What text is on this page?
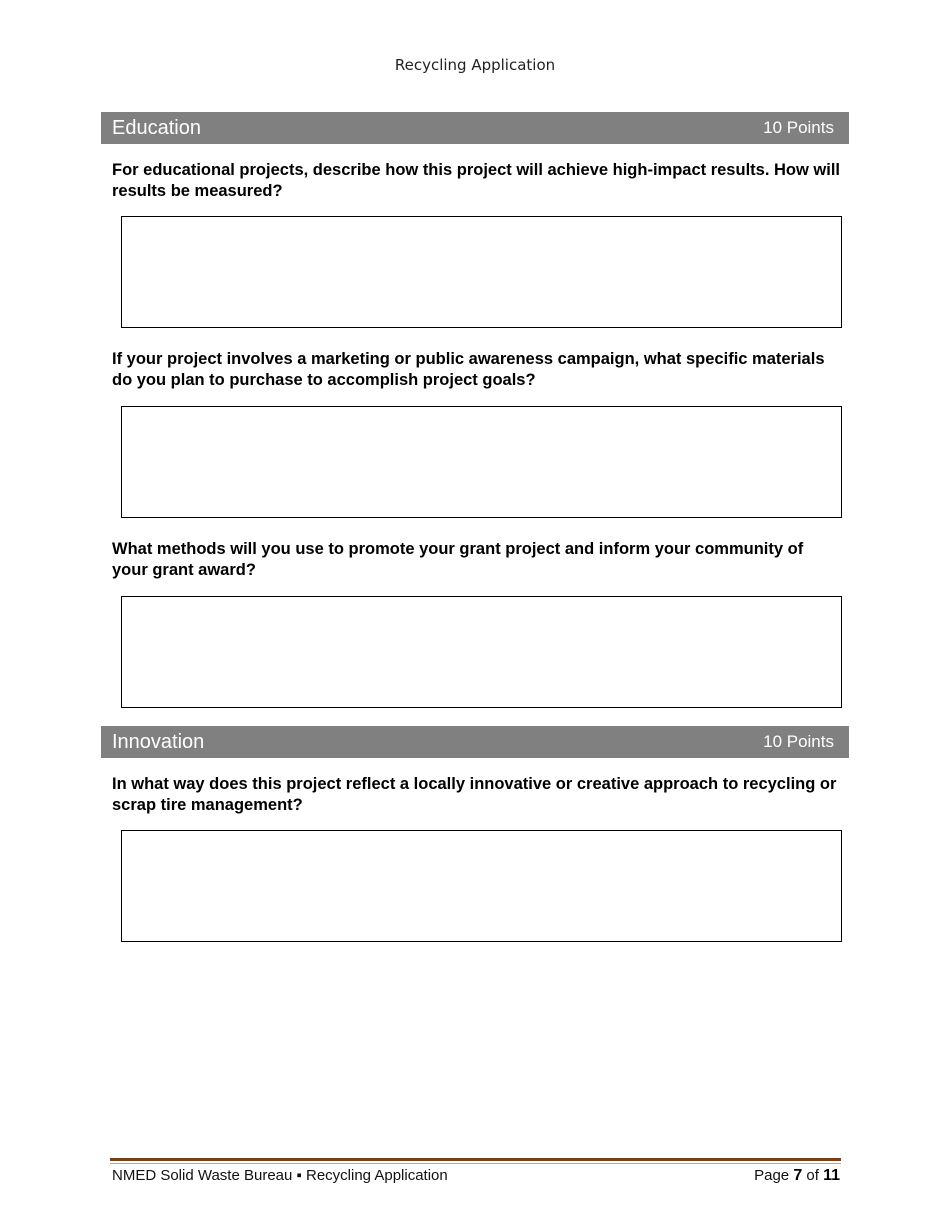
Recycling Application
Education	10 Points
For educational projects, describe how this project will achieve high-impact results. How will results be measured?
If your project involves a marketing or public awareness campaign, what specific materials do you plan to purchase to accomplish project goals?
What methods will you use to promote your grant project and inform your community of your grant award?
Innovation	10 Points
In what way does this project reflect a locally innovative or creative approach to recycling or scrap tire management?
NMED Solid Waste Bureau ▪ Recycling Application	Page 7 of 11
